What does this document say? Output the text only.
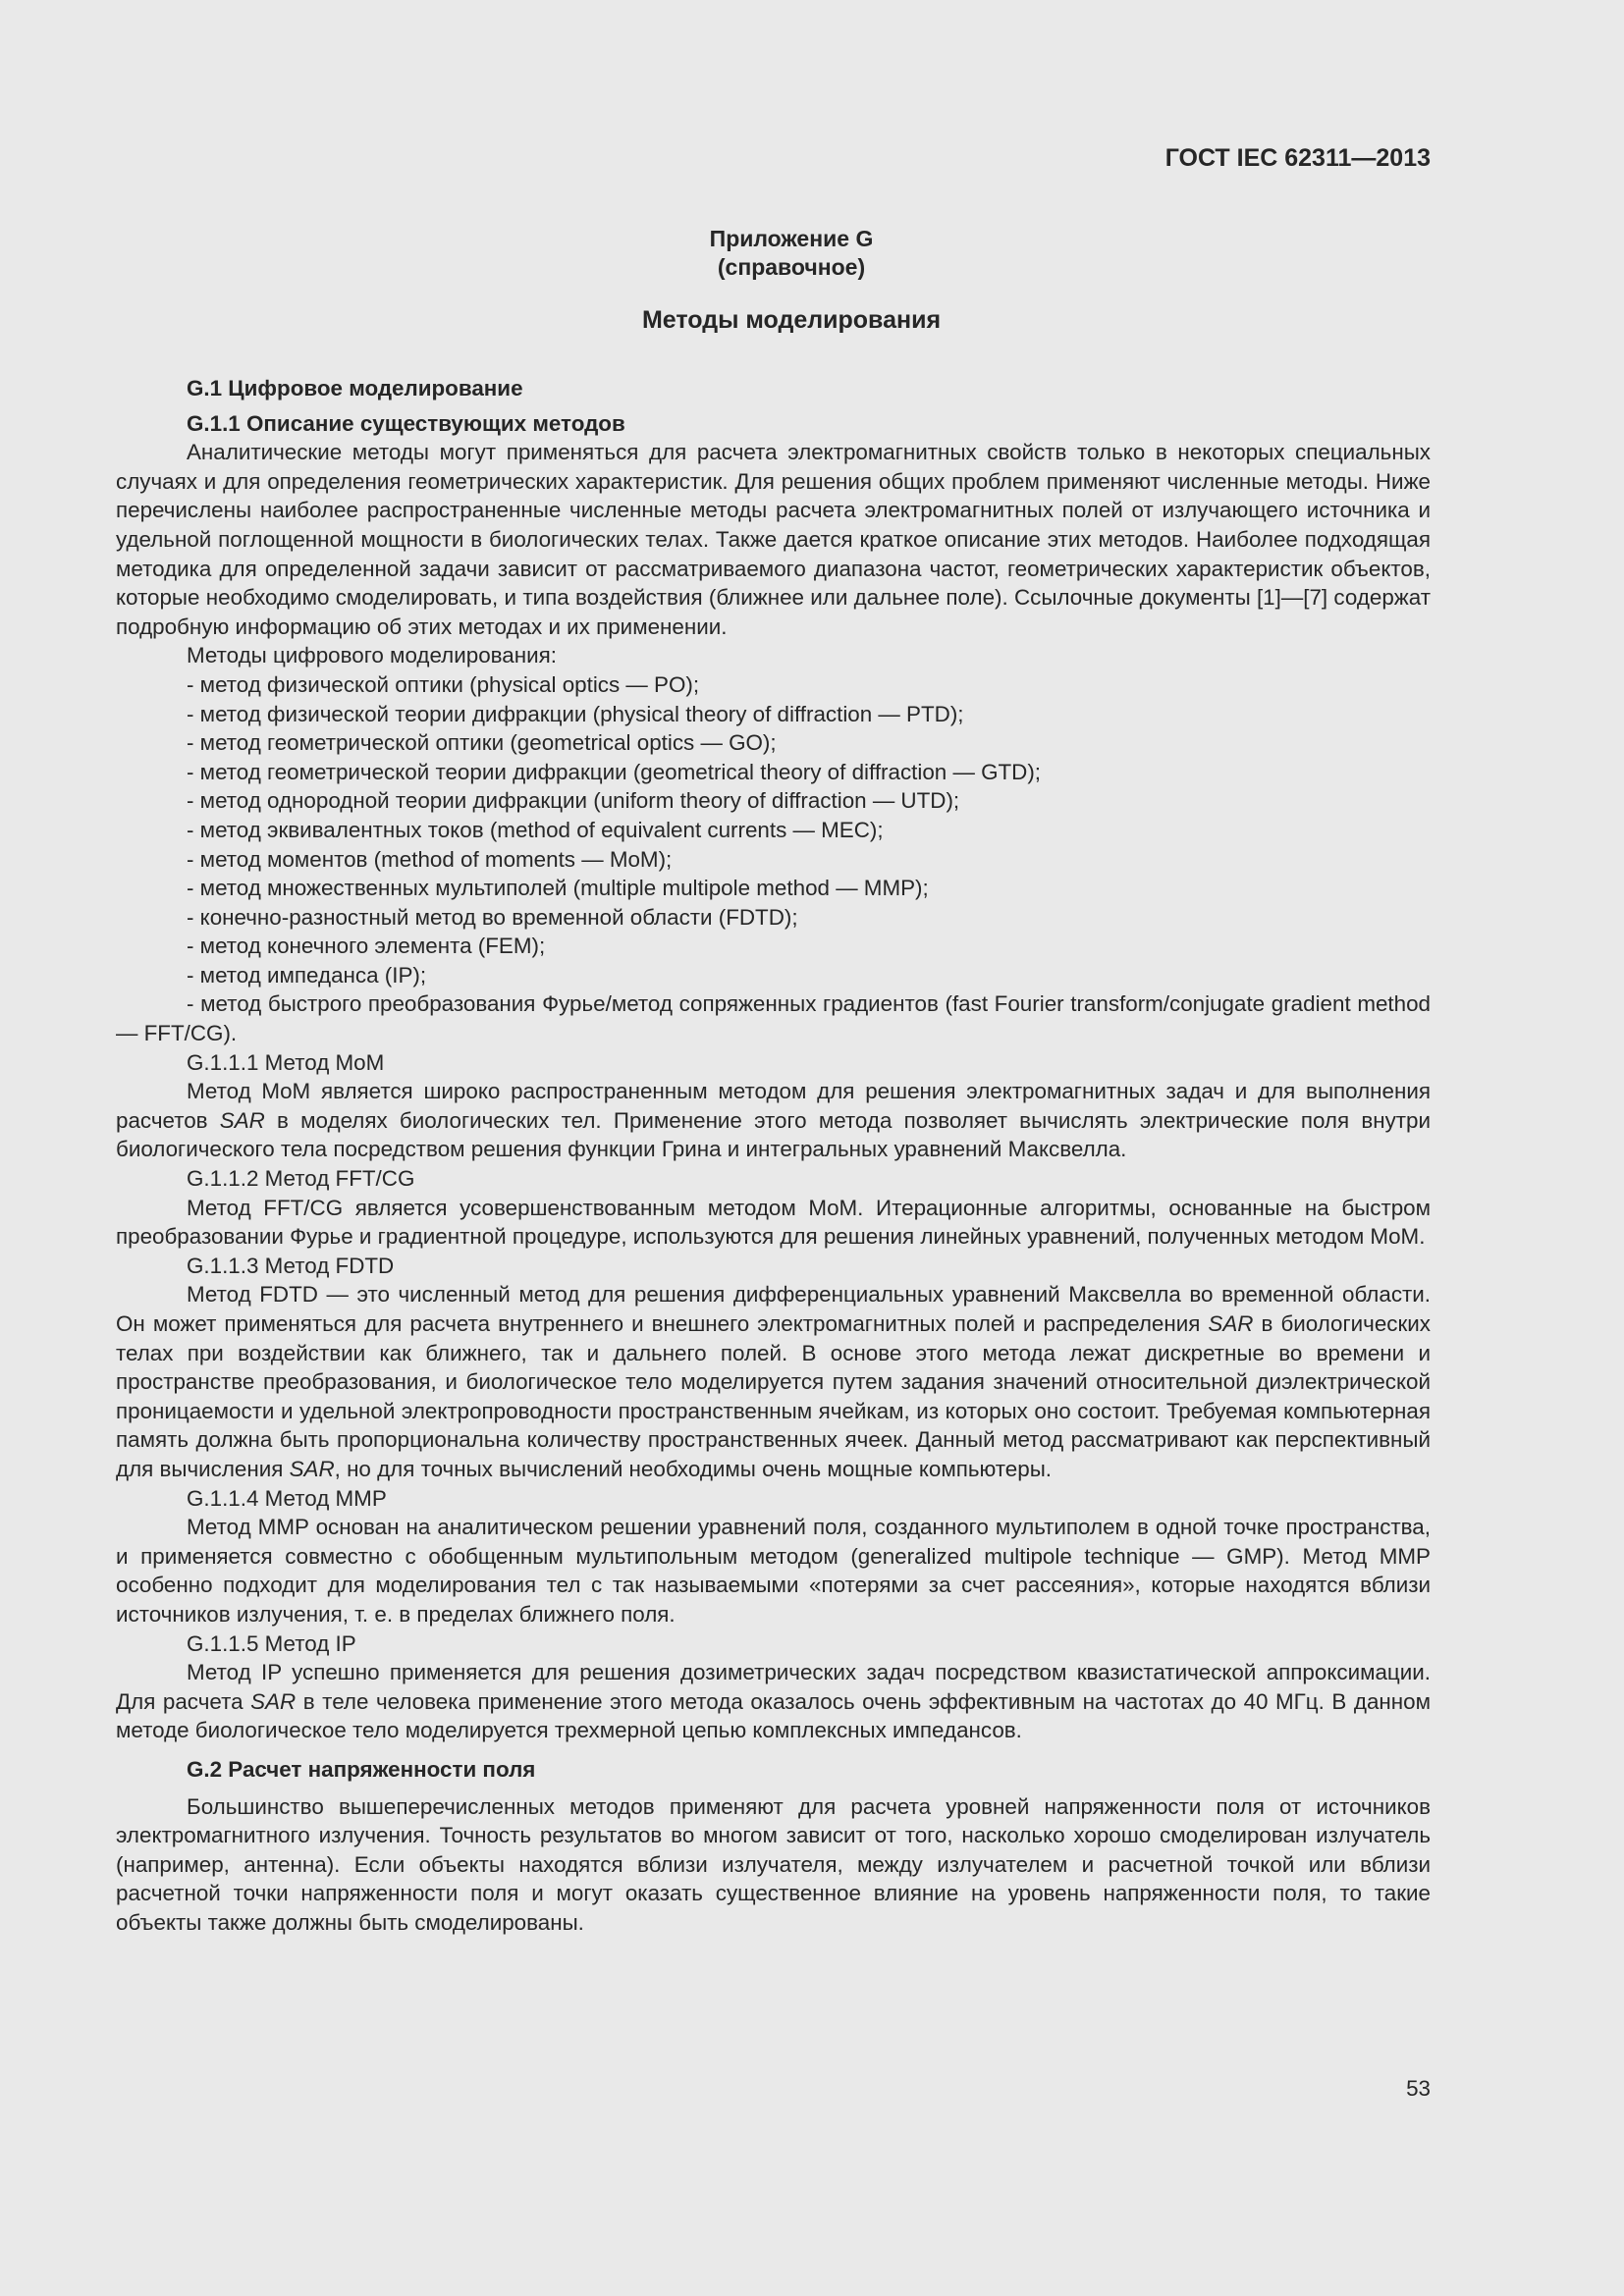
ГОСТ IEC 62311—2013
Приложение G
(справочное)
Методы моделирования
G.1 Цифровое моделирование
G.1.1 Описание существующих методов

Аналитические методы могут применяться для расчета электромагнитных свойств только в некоторых специальных случаях и для определения геометрических характеристик. Для решения общих проблем применяют численные методы. Ниже перечислены наиболее распространенные численные методы расчета электромагнитных полей от излучающего источника и удельной поглощенной мощности в биологических телах. Также дается краткое описание этих методов. Наиболее подходящая методика для определенной задачи зависит от рассматриваемого диапазона частот, геометрических характеристик объектов, которые необходимо смоделировать, и типа воздействия (ближнее или дальнее поле). Ссылочные документы [1]—[7] содержат подробную информацию об этих методах и их применении.

Методы цифрового моделирования:
- метод физической оптики (physical optics — PO);
- метод физической теории дифракции (physical theory of diffraction — PTD);
- метод геометрической оптики (geometrical optics — GO);
- метод геометрической теории дифракции (geometrical theory of diffraction — GTD);
- метод однородной теории дифракции (uniform theory of diffraction — UTD);
- метод эквивалентных токов (method of equivalent currents — MEC);
- метод моментов (method of moments — MoM);
- метод множественных мультиполей (multiple multipole method — MMP);
- конечно-разностный метод во временной области (FDTD);
- метод конечного элемента (FEM);
- метод импеданса (IP);
- метод быстрого преобразования Фурье/метод сопряженных градиентов (fast Fourier transform/conjugate gradient method — FFT/CG).
G.1.1.1 Метод MoM

Метод MoM является широко распространенным методом для решения электромагнитных задач и для выполнения расчетов SAR в моделях биологических тел. Применение этого метода позволяет вычислять электрические поля внутри биологического тела посредством решения функции Грина и интегральных уравнений Максвелла.

G.1.1.2 Метод FFT/CG

Метод FFT/CG является усовершенствованным методом MoM. Итерационные алгоритмы, основанные на быстром преобразовании Фурье и градиентной процедуре, используются для решения линейных уравнений, полученных методом MoM.

G.1.1.3 Метод FDTD

Метод FDTD — это численный метод для решения дифференциальных уравнений Максвелла во временной области. Он может применяться для расчета внутреннего и внешнего электромагнитных полей и распределения SAR в биологических телах при воздействии как ближнего, так и дальнего полей. В основе этого метода лежат дискретные во времени и пространстве преобразования, и биологическое тело моделируется путем задания значений относительной диэлектрической проницаемости и удельной электропроводности пространственным ячейкам, из которых оно состоит. Требуемая компьютерная память должна быть пропорциональна количеству пространственных ячеек. Данный метод рассматривают как перспективный для вычисления SAR, но для точных вычислений необходимы очень мощные компьютеры.

G.1.1.4 Метод MMP

Метод MMP основан на аналитическом решении уравнений поля, созданного мультиполем в одной точке пространства, и применяется совместно с обобщенным мультипольным методом (generalized multipole technique — GMP). Метод MMP особенно подходит для моделирования тел с так называемыми «потерями за счет рассеяния», которые находятся вблизи источников излучения, т. е. в пределах ближнего поля.

G.1.1.5 Метод IP

Метод IP успешно применяется для решения дозиметрических задач посредством квазистатической аппроксимации. Для расчета SAR в теле человека применение этого метода оказалось очень эффективным на частотах до 40 МГц. В данном методе биологическое тело моделируется трехмерной цепью комплексных импедансов.

G.2 Расчет напряженности поля

Большинство вышеперечисленных методов применяют для расчета уровней напряженности поля от источников электромагнитного излучения. Точность результатов во многом зависит от того, насколько хорошо смоделирован излучатель (например, антенна). Если объекты находятся вблизи излучателя, между излучателем и расчетной точкой или вблизи расчетной точки напряженности поля и могут оказать существенное влияние на уровень напряженности поля, то такие объекты также должны быть смоделированы.

53
